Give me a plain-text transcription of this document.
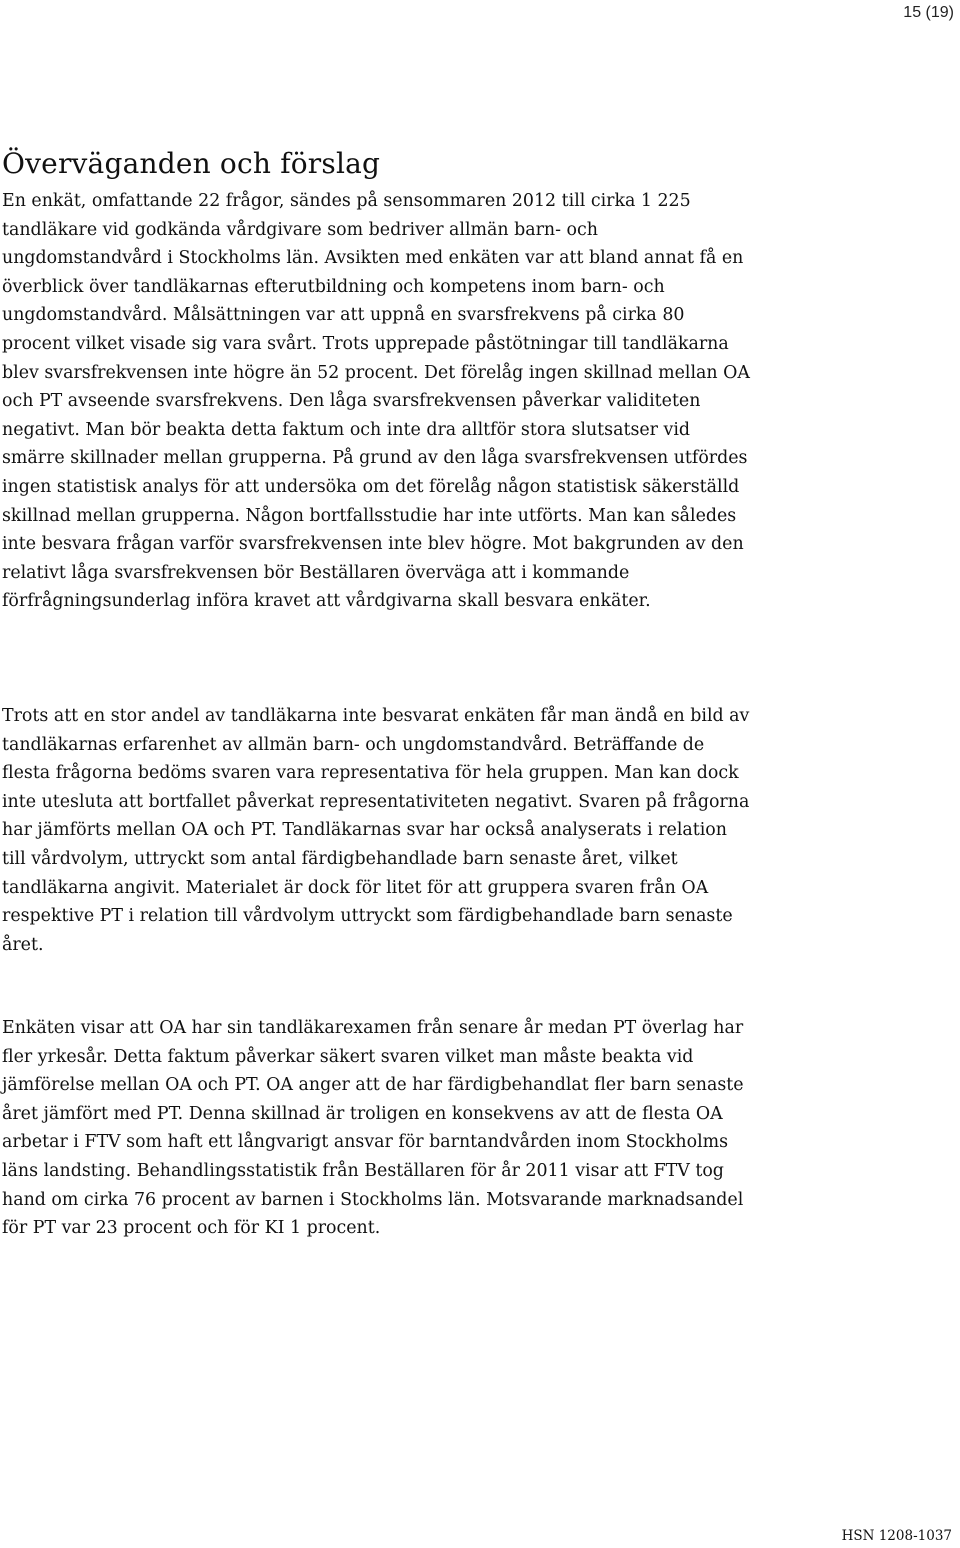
15 (19)
Överväganden och förslag

En enkät, omfattande 22 frågor, sändes på sensommaren 2012 till cirka 1 225 tandläkare vid godkända vårdgivare som bedriver allmän barn- och ungdomstandvård i Stockholms län. Avsikten med enkäten var att bland annat få en överblick över tandläkarnas efterutbildning och kompetens inom barn- och ungdomstandvård. Målsättningen var att uppnå en svarsfrekvens på cirka 80 procent vilket visade sig vara svårt. Trots upprepade påstötningar till tandläkarna blev svarsfrekvensen inte högre än 52 procent. Det förelåg ingen skillnad mellan OA och PT avseende svarsfrekvens. Den låga svarsfrekvensen påverkar validiteten negativt. Man bör beakta detta faktum och inte dra alltför stora slutsatser vid smärre skillnader mellan grupperna. På grund av den låga svarsfrekvensen utfördes ingen statistisk analys för att undersöka om det förelåg någon statistisk säkerställd skillnad mellan grupperna. Någon bortfallsstudie har inte utförts. Man kan således inte besvara frågan varför svarsfrekvensen inte blev högre. Mot bakgrunden av den relativt låga svarsfrekvensen bör Beställaren överväga att i kommande förfrågningsunderlag införa kravet att vårdgivarna skall besvara enkäter.

Trots att en stor andel av tandläkarna inte besvarat enkäten får man ändå en bild av tandläkarnas erfarenhet av allmän barn- och ungdomstandvård. Beträffande de flesta frågorna bedöms svaren vara representativa för hela gruppen. Man kan dock inte utesluta att bortfallet påverkat representativiteten negativt. Svaren på frågorna har jämförts mellan OA och PT. Tandläkarnas svar har också analyserats i relation till vårdvolym, uttryckt som antal färdigbehandlade barn senaste året, vilket tandläkarna angivit. Materialet är dock för litet för att gruppera svaren från OA respektive PT i relation till vårdvolym uttryckt som färdigbehandlade barn senaste året.

Enkäten visar att OA har sin tandläkarexamen från senare år medan PT överlag har fler yrkesår. Detta faktum påverkar säkert svaren vilket man måste beakta vid jämförelse mellan OA och PT. OA anger att de har färdigbehandlat fler barn senaste året jämfört med PT. Denna skillnad är troligen en konsekvens av att de flesta OA arbetar i FTV som haft ett långvarigt ansvar för barntandvården inom Stockholms läns landsting. Behandlingsstatistik från Beställaren för år 2011 visar att FTV tog hand om cirka 76 procent av barnen i Stockholms län. Motsvarande marknadsandel för PT var 23 procent och för KI 1 procent.

HSN 1208-1037
